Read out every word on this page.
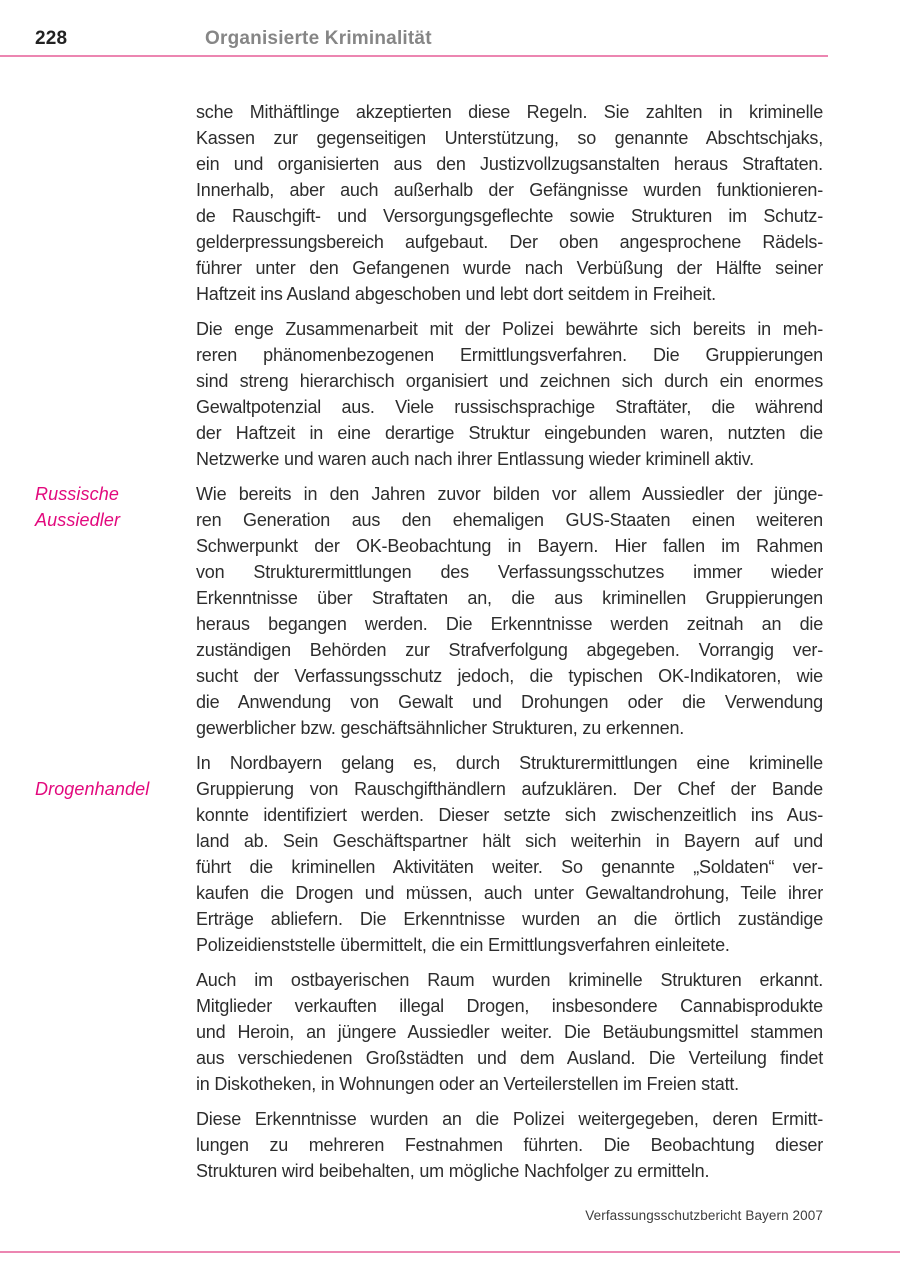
228	Organisierte Kriminalität
sche Mithäftlinge akzeptierten diese Regeln. Sie zahlten in kriminelle
Kassen zur gegenseitigen Unterstützung, so genannte Abschtschjaks,
ein und organisierten aus den Justizvollzugsanstalten heraus Straftaten.
Innerhalb, aber auch außerhalb der Gefängnisse wurden funktionieren-
de Rauschgift- und Versorgungsgeflechte sowie Strukturen im Schutz-
gelderpressungsbereich aufgebaut. Der oben angesprochene Rädels-
führer unter den Gefangenen wurde nach Verbüßung der Hälfte seiner
Haftzeit ins Ausland abgeschoben und lebt dort seitdem in Freiheit.
Die enge Zusammenarbeit mit der Polizei bewährte sich bereits in meh-
reren phänomenbezogenen Ermittlungsverfahren. Die Gruppierungen
sind streng hierarchisch organisiert und zeichnen sich durch ein enormes
Gewaltpotenzial aus. Viele russischsprachige Straftäter, die während
der Haftzeit in eine derartige Struktur eingebunden waren, nutzten die
Netzwerke und waren auch nach ihrer Entlassung wieder kriminell aktiv.
Russische
Aussiedler
Wie bereits in den Jahren zuvor bilden vor allem Aussiedler der jünge-
ren Generation aus den ehemaligen GUS-Staaten einen weiteren
Schwerpunkt der OK-Beobachtung in Bayern. Hier fallen im Rahmen
von Strukturermittlungen des Verfassungsschutzes immer wieder
Erkenntnisse über Straftaten an, die aus kriminellen Gruppierungen
heraus begangen werden. Die Erkenntnisse werden zeitnah an die
zuständigen Behörden zur Strafverfolgung abgegeben. Vorrangig ver-
sucht der Verfassungsschutz jedoch, die typischen OK-Indikatoren, wie
die Anwendung von Gewalt und Drohungen oder die Verwendung
gewerblicher bzw. geschäftsähnlicher Strukturen, zu erkennen.
Drogenhandel
In Nordbayern gelang es, durch Strukturermittlungen eine kriminelle
Gruppierung von Rauschgifthändlern aufzuklären. Der Chef der Bande
konnte identifiziert werden. Dieser setzte sich zwischenzeitlich ins Aus-
land ab. Sein Geschäftspartner hält sich weiterhin in Bayern auf und
führt die kriminellen Aktivitäten weiter. So genannte „Soldaten“ ver-
kaufen die Drogen und müssen, auch unter Gewaltandrohung, Teile ihrer
Erträge abliefern. Die Erkenntnisse wurden an die örtlich zuständige
Polizeidienststelle übermittelt, die ein Ermittlungsverfahren einleitete.
Auch im ostbayerischen Raum wurden kriminelle Strukturen erkannt.
Mitglieder verkauften illegal Drogen, insbesondere Cannabisprodukte
und Heroin, an jüngere Aussiedler weiter. Die Betäubungsmittel stammen
aus verschiedenen Großstädten und dem Ausland. Die Verteilung findet
in Diskotheken, in Wohnungen oder an Verteilerstellen im Freien statt.
Diese Erkenntnisse wurden an die Polizei weitergegeben, deren Ermitt-
lungen zu mehreren Festnahmen führten. Die Beobachtung dieser
Strukturen wird beibehalten, um mögliche Nachfolger zu ermitteln.
Verfassungsschutzbericht Bayern 2007
